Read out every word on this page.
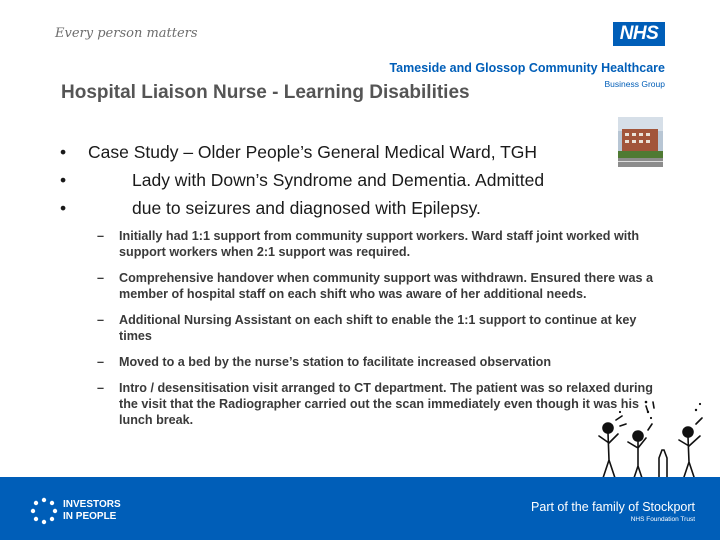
Every person matters	NHS
Tameside and Glossop Community Healthcare
Business Group
Hospital Liaison Nurse - Learning Disabilities
• Case Study – Older People’s General Medical Ward, TGH
•	Lady with Down’s Syndrome and Dementia. Admitted
•	due to seizures and diagnosed with Epilepsy.
– Initially had 1:1 support from community support workers. Ward staff joint worked with support workers when 2:1 support was required.
– Comprehensive handover when community support was withdrawn. Ensured there was a member of hospital staff on each shift who was aware of her additional needs.
– Additional Nursing Assistant on each shift to enable the 1:1 support to continue at key times
– Moved to a bed by the nurse’s station to facilitate increased observation
– Intro / desensitisation visit arranged to CT department. The patient was so relaxed during the visit that the Radiographer carried out the scan immediately even though it was his lunch break.
INVESTORS
IN PEOPLE
Part of the family of Stockport
NHS Foundation Trust
